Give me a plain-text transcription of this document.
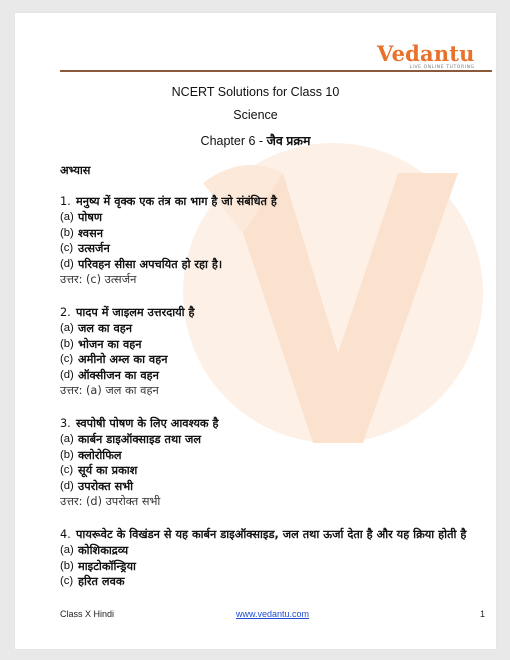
Vedantu
LIVE ONLINE TUTORING
NCERT Solutions for Class 10
Science
Chapter 6 - जैव प्रक्रम
अभ्यास
1. मनुष्य में वृक्क एक तंत्र का भाग है जो संबंधित है
(a) पोषण
(b) श्वसन
(c) उत्सर्जन
(d) परिवहन सीसा अपचयित हो रहा है।
उत्तर: (c) उत्सर्जन
2. पादप में जाइलम उत्तरदायी है
(a) जल का वहन
(b) भोजन का वहन
(c) अमीनो अम्ल का वहन
(d) ऑक्सीजन का वहन
उत्तर: (a) जल का वहन
3. स्वपोषी पोषण के लिए आवश्यक है
(a) कार्बन डाइऑक्साइड तथा जल
(b) क्लोरोफिल
(c) सूर्य का प्रकाश
(d) उपरोक्त सभी
उत्तर: (d) उपरोक्त सभी
4. पायरूवेट के विखंडन से यह कार्बन डाइऑक्साइड, जल तथा ऊर्जा देता है और यह क्रिया होती है
(a) कोशिकाद्रव्य
(b) माइटोकॉन्ड्रिया
(c) हरित लवक
Class X Hindi	www.vedantu.com	1
